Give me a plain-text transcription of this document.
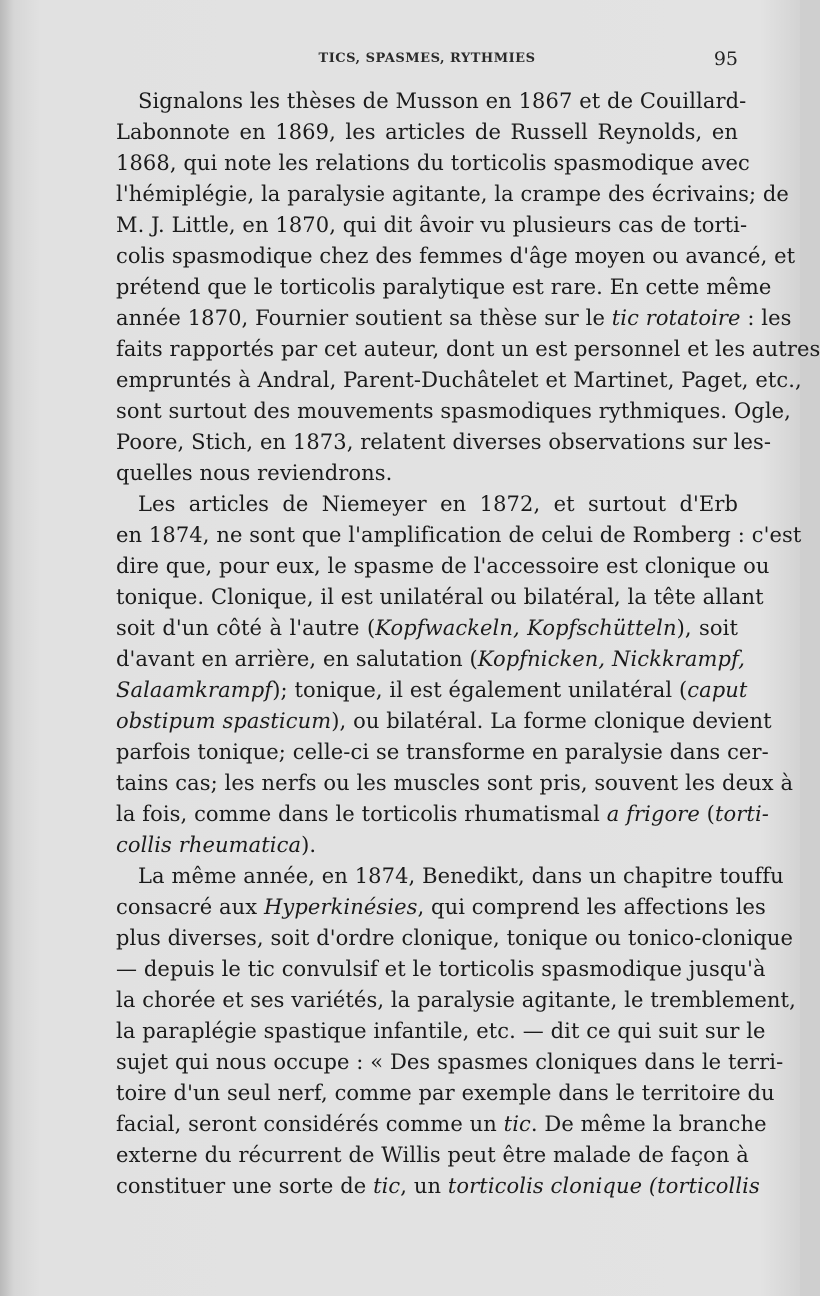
TICS, SPASMES, RYTHMIES	95
Signalons les thèses de Musson en 1867 et de Couillard-
Labonnote en 1869, les articles de Russell Reynolds, en
1868, qui note les relations du torticolis spasmodique avec
l'hémiplégie, la paralysie agitante, la crampe des écrivains; de
M. J. Little, en 1870, qui dit âvoir vu plusieurs cas de torti-
colis spasmodique chez des femmes d'âge moyen ou avancé, et
prétend que le torticolis paralytique est rare. En cette même
année 1870, Fournier soutient sa thèse sur le tic rotatoire : les
faits rapportés par cet auteur, dont un est personnel et les autres
empruntés à Andral, Parent-Duchâtelet et Martinet, Paget, etc.,
sont surtout des mouvements spasmodiques rythmiques. Ogle,
Poore, Stich, en 1873, relatent diverses observations sur les-
quelles nous reviendrons.
Les articles de Niemeyer en 1872, et surtout d'Erb
en 1874, ne sont que l'amplification de celui de Romberg : c'est
dire que, pour eux, le spasme de l'accessoire est clonique ou
tonique. Clonique, il est unilatéral ou bilatéral, la tête allant
soit d'un côté à l'autre (Kopfwackeln, Kopfschütteln), soit
d'avant en arrière, en salutation (Kopfnicken, Nickkrampf,
Salaamkrampf); tonique, il est également unilatéral (caput
obstipum spasticum), ou bilatéral. La forme clonique devient
parfois tonique; celle-ci se transforme en paralysie dans cer-
tains cas; les nerfs ou les muscles sont pris, souvent les deux à
la fois, comme dans le torticolis rhumatismal a frigore (torti-
collis rheumatica).
La même année, en 1874, Benedikt, dans un chapitre touffu
consacré aux Hyperkinésies, qui comprend les affections les
plus diverses, soit d'ordre clonique, tonique ou tonico-clonique
— depuis le tic convulsif et le torticolis spasmodique jusqu'à
la chorée et ses variétés, la paralysie agitante, le tremblement,
la paraplégie spastique infantile, etc. — dit ce qui suit sur le
sujet qui nous occupe : « Des spasmes cloniques dans le terri-
toire d'un seul nerf, comme par exemple dans le territoire du
facial, seront considérés comme un tic. De même la branche
externe du récurrent de Willis peut être malade de façon à
constituer une sorte de tic, un torticolis clonique (torticollis
